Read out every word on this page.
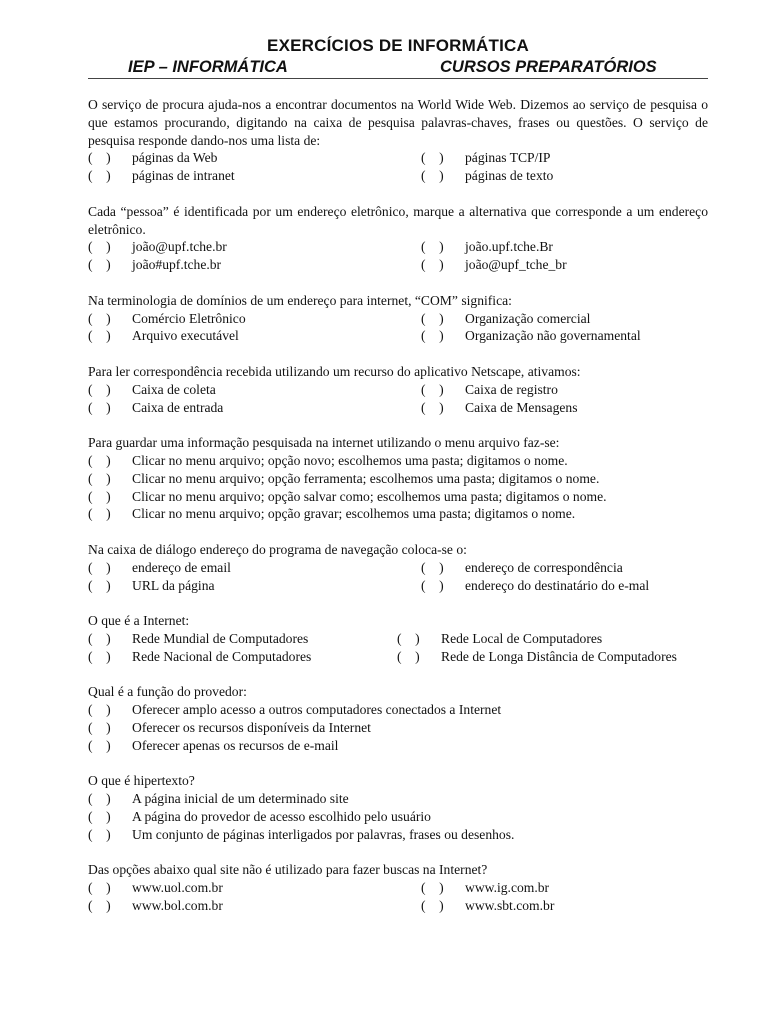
EXERCÍCIOS DE INFORMÁTICA
IEP – INFORMÁTICA	CURSOS PREPARATÓRIOS
O serviço de procura ajuda-nos a encontrar documentos na World Wide Web. Dizemos ao serviço de pesquisa o que estamos procurando, digitando na caixa de pesquisa palavras-chaves, frases ou questões. O serviço de pesquisa responde dando-nos uma lista de:
(    )	páginas da Web	(    )	páginas TCP/IP
(    )	páginas de intranet	(    )	páginas de texto
Cada “pessoa” é identificada por um endereço eletrônico, marque a alternativa que corresponde a um endereço eletrônico.
(    )	joão@upf.tche.br	(    )	joão.upf.tche.Br
(    )	joão#upf.tche.br	(    )	joão@upf_tche_br
Na terminologia de domínios de um endereço para internet, “COM” significa:
(    )	Comércio Eletrônico	(    )	Organização comercial
(    )	Arquivo executável	(    )	Organização não governamental
Para ler correspondência recebida utilizando um recurso do aplicativo Netscape, ativamos:
(    )	Caixa de coleta	(    )	Caixa de registro
(    )	Caixa de entrada	(    )	Caixa de Mensagens
Para guardar uma informação pesquisada na internet utilizando o menu arquivo faz-se:
(    )	Clicar no menu arquivo; opção novo; escolhemos uma pasta; digitamos o nome.
(    )	Clicar no menu arquivo; opção ferramenta; escolhemos uma pasta; digitamos o nome.
(    )	Clicar no menu arquivo; opção salvar como; escolhemos uma pasta; digitamos o nome.
(    )	Clicar no menu arquivo; opção gravar; escolhemos uma pasta; digitamos o nome.
Na caixa de diálogo endereço do programa de navegação coloca-se o:
(    )	endereço de email	(    )	endereço de correspondência
(    )	URL da página	(    )	endereço do destinatário do e-mal
O que é a Internet:
(    )	Rede Mundial de Computadores	(    )	Rede Local de Computadores
(    )	Rede Nacional de Computadores	(    )	Rede de Longa Distância de Computadores
Qual é a função do provedor:
(    )	Oferecer amplo acesso a outros computadores conectados a Internet
(    )	Oferecer os recursos disponíveis da Internet
(    )	Oferecer apenas os recursos de e-mail
O que é hipertexto?
(    )	A página inicial de um determinado site
(    )	A página do provedor de acesso escolhido pelo usuário
(    )	Um conjunto de páginas interligados por palavras, frases ou desenhos.
Das opções abaixo qual site não é utilizado para fazer buscas na Internet?
(    )	www.uol.com.br	(    )	www.ig.com.br
(    )	www.bol.com.br	(    )	www.sbt.com.br
